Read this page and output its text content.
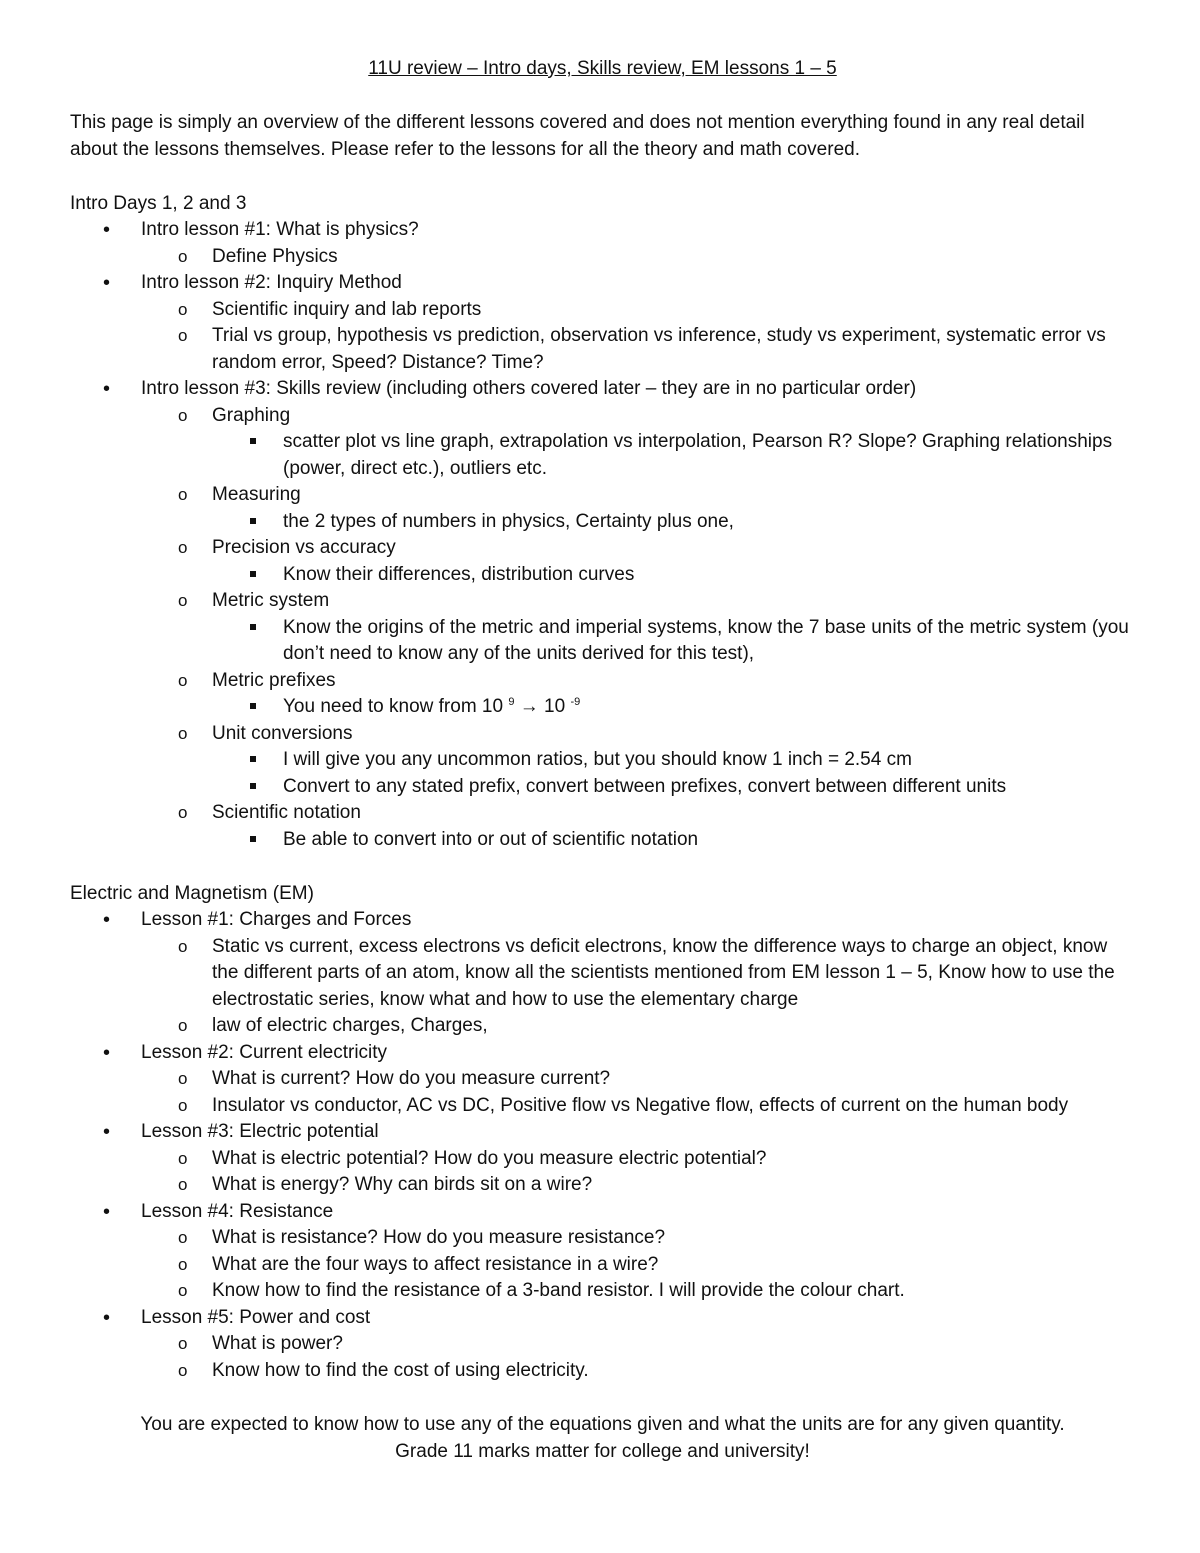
11U review – Intro days, Skills review, EM lessons 1 – 5

This page is simply an overview of the different lessons covered and does not mention everything found in any real detail about the lessons themselves. Please refer to the lessons for all the theory and math covered.

Intro Days 1, 2 and 3
• Intro lesson #1: What is physics?
o Define Physics
• Intro lesson #2: Inquiry Method
o Scientific inquiry and lab reports
o Trial vs group, hypothesis vs prediction, observation vs inference, study vs experiment, systematic error vs random error, Speed? Distance? Time?
• Intro lesson #3: Skills review (including others covered later – they are in no particular order)
o Graphing
scatter plot vs line graph, extrapolation vs interpolation, Pearson R? Slope? Graphing relationships (power, direct etc.), outliers etc.
o Measuring
the 2 types of numbers in physics, Certainty plus one,
o Precision vs accuracy
Know their differences, distribution curves
o Metric system
Know the origins of the metric and imperial systems, know the 7 base units of the metric system (you don’t need to know any of the units derived for this test),
o Metric prefixes
You need to know from 10 $^9$ → 10 $^{-9}$
o Unit conversions
I will give you any uncommon ratios, but you should know 1 inch = 2.54 cm
Convert to any stated prefix, convert between prefixes, convert between different units
o Scientific notation
Be able to convert into or out of scientific notation
Electric and Magnetism (EM)
• Lesson #1: Charges and Forces
o Static vs current, excess electrons vs deficit electrons, know the difference ways to charge an object, know the different parts of an atom, know all the scientists mentioned from EM lesson 1 – 5, Know how to use the electrostatic series, know what and how to use the elementary charge
o law of electric charges, Charges,
• Lesson #2: Current electricity
o What is current? How do you measure current?
o Insulator vs conductor, AC vs DC, Positive flow vs Negative flow, effects of current on the human body
• Lesson #3: Electric potential
o What is electric potential? How do you measure electric potential?
o What is energy? Why can birds sit on a wire?
• Lesson #4: Resistance
o What is resistance? How do you measure resistance?
o What are the four ways to affect resistance in a wire?
o Know how to find the resistance of a 3-band resistor. I will provide the colour chart.
• Lesson #5: Power and cost
o What is power?
o Know how to find the cost of using electricity.
You are expected to know how to use any of the equations given and what the units are for any given quantity.
Grade 11 marks matter for college and university!
